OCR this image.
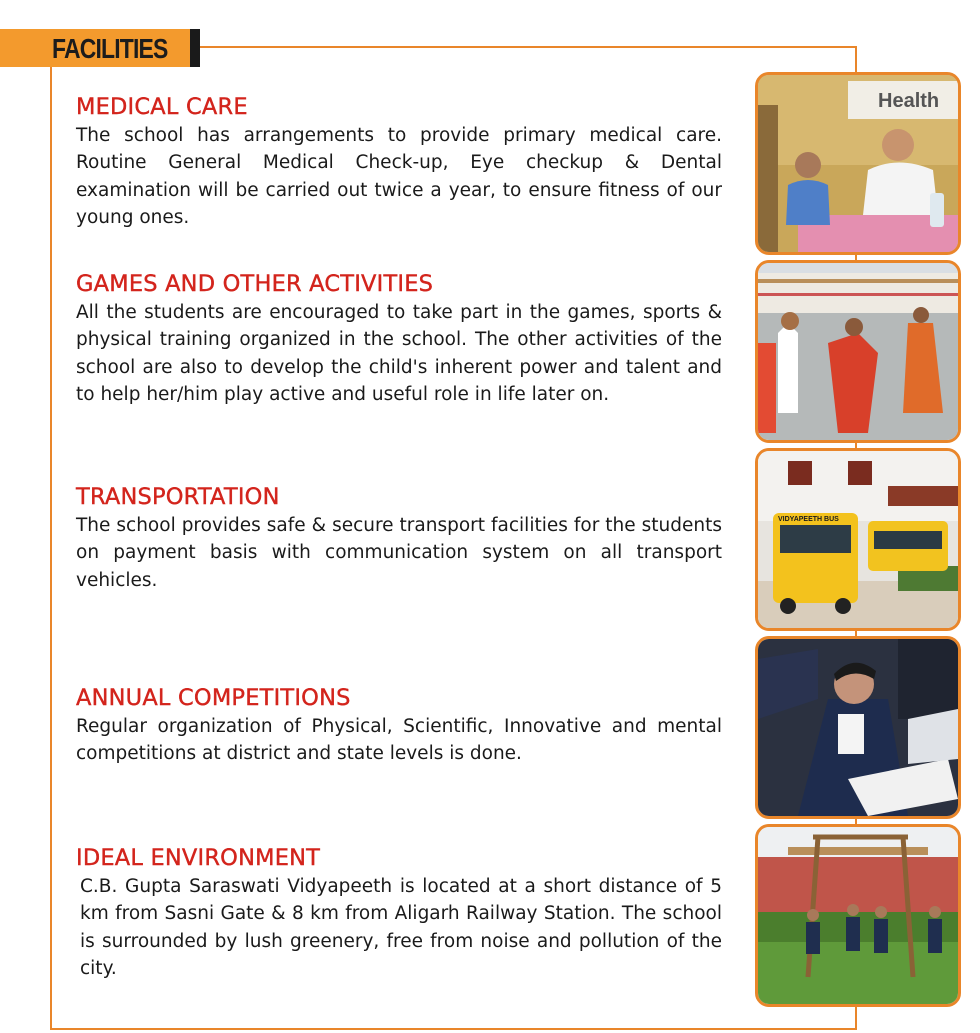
FACILITIES
MEDICAL CARE

The school has arrangements to provide primary medical care. Routine General Medical Check-up, Eye checkup & Dental examination will be carried out twice a year, to ensure fitness of our young ones.

GAMES AND OTHER ACTIVITIES

All the students are encouraged to take part in the games, sports & physical training organized in the school. The other activities of the school are also to develop the child's inherent power and talent and to help her/him play active and useful role in life later on.

TRANSPORTATION

The school provides safe & secure transport facilities for the students on payment basis with communication system on all transport vehicles.

ANNUAL COMPETITIONS

Regular organization of Physical, Scientific, Innovative and mental competitions at district and state levels is done.

IDEAL ENVIRONMENT

C.B. Gupta Saraswati Vidyapeeth is located at a short distance of 5 km from Sasni Gate & 8 km from Aligarh Railway Station. The school is surrounded by lush greenery, free from noise and pollution of the city.

Health
VIDYAPEETH BUS
